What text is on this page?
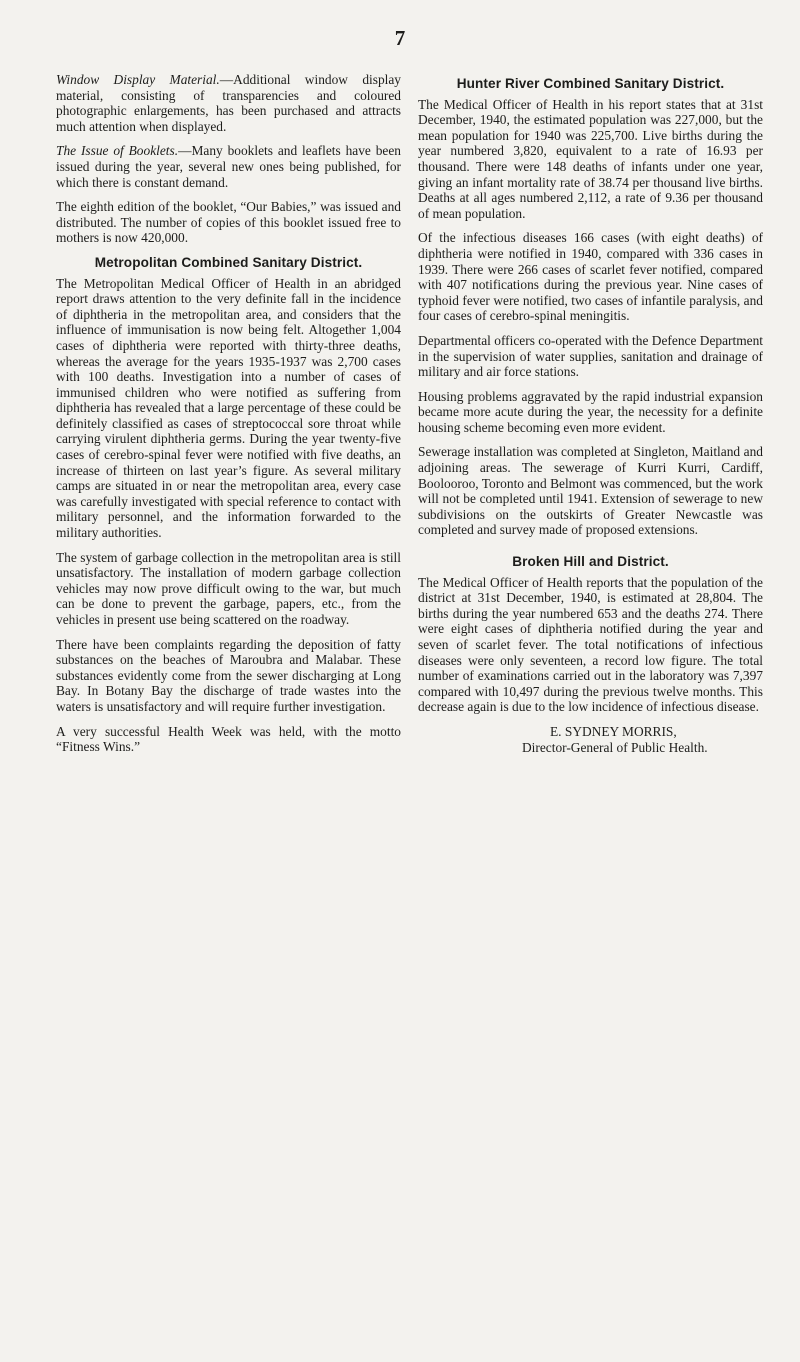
7

Window Display Material.—Additional window display material, consisting of transparencies and coloured photographic enlargements, has been purchased and attracts much attention when displayed.

The Issue of Booklets.—Many booklets and leaflets have been issued during the year, several new ones being published, for which there is constant demand.

The eighth edition of the booklet, “Our Babies,” was issued and distributed. The number of copies of this booklet issued free to mothers is now 420,000.

Metropolitan Combined Sanitary District.

The Metropolitan Medical Officer of Health in an abridged report draws attention to the very definite fall in the incidence of diphtheria in the metropolitan area, and considers that the influence of immunisation is now being felt. Altogether 1,004 cases of diphtheria were reported with thirty-three deaths, whereas the average for the years 1935-1937 was 2,700 cases with 100 deaths. Investigation into a number of cases of immunised children who were notified as suffering from diphtheria has revealed that a large percentage of these could be definitely classified as cases of streptococcal sore throat while carrying virulent diphtheria germs. During the year twenty-five cases of cerebro-spinal fever were notified with five deaths, an increase of thirteen on last year’s figure. As several military camps are situated in or near the metropolitan area, every case was carefully investigated with special reference to contact with military personnel, and the information forwarded to the military authorities.

The system of garbage collection in the metropolitan area is still unsatisfactory. The installation of modern garbage collection vehicles may now prove difficult owing to the war, but much can be done to prevent the garbage, papers, etc., from the vehicles in present use being scattered on the roadway.

There have been complaints regarding the deposition of fatty substances on the beaches of Maroubra and Malabar. These substances evidently come from the sewer discharging at Long Bay. In Botany Bay the discharge of trade wastes into the waters is unsatisfactory and will require further investigation.

A very successful Health Week was held, with the motto “Fitness Wins.”

Hunter River Combined Sanitary District.

The Medical Officer of Health in his report states that at 31st December, 1940, the estimated population was 227,000, but the mean population for 1940 was 225,700. Live births during the year numbered 3,820, equivalent to a rate of 16.93 per thousand. There were 148 deaths of infants under one year, giving an infant mortality rate of 38.74 per thousand live births. Deaths at all ages numbered 2,112, a rate of 9.36 per thousand of mean population.

Of the infectious diseases 166 cases (with eight deaths) of diphtheria were notified in 1940, compared with 336 cases in 1939. There were 266 cases of scarlet fever notified, compared with 407 notifications during the previous year. Nine cases of typhoid fever were notified, two cases of infantile paralysis, and four cases of cerebro-spinal meningitis.

Departmental officers co-operated with the Defence Department in the supervision of water supplies, sanitation and drainage of military and air force stations.

Housing problems aggravated by the rapid industrial expansion became more acute during the year, the necessity for a definite housing scheme becoming even more evident.

Sewerage installation was completed at Singleton, Maitland and adjoining areas. The sewerage of Kurri Kurri, Cardiff, Boolooroo, Toronto and Belmont was commenced, but the work will not be completed until 1941. Extension of sewerage to new subdivisions on the outskirts of Greater Newcastle was completed and survey made of proposed extensions.

Broken Hill and District.

The Medical Officer of Health reports that the population of the district at 31st December, 1940, is estimated at 28,804. The births during the year numbered 653 and the deaths 274. There were eight cases of diphtheria notified during the year and seven of scarlet fever. The total notifications of infectious diseases were only seventeen, a record low figure. The total number of examinations carried out in the laboratory was 7,397 compared with 10,497 during the previous twelve months. This decrease again is due to the low incidence of infectious disease.

E. SYDNEY MORRIS,

Director-General of Public Health.
